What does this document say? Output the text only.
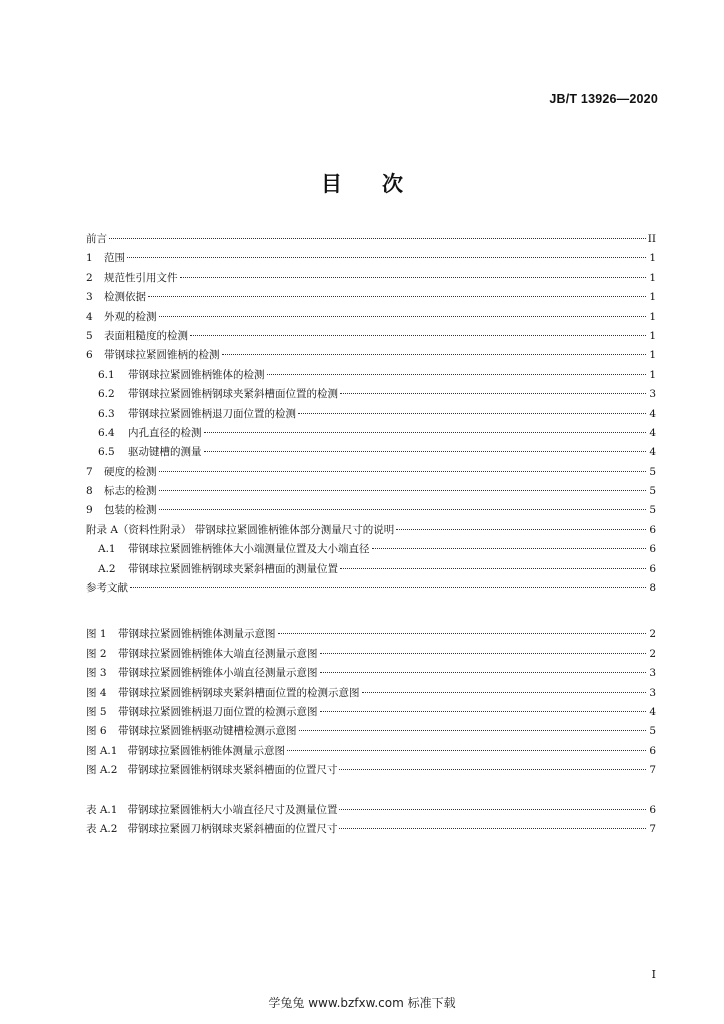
JB/T 13926—2020
目 次
前言	II
1	范围	1
2	规范性引用文件	1
3	检测依据	1
4	外观的检测	1
5	表面粗糙度的检测	1
6	带钢球拉紧圆锥柄的检测	1
6.1	带钢球拉紧圆锥柄锥体的检测	1
6.2	带钢球拉紧圆锥柄钢球夹紧斜槽面位置的检测	3
6.3	带钢球拉紧圆锥柄退刀面位置的检测	4
6.4	内孔直径的检测	4
6.5	驱动键槽的测量	4
7	硬度的检测	5
8	标志的检测	5
9	包装的检测	5
附录 A（资料性附录） 带钢球拉紧圆锥柄锥体部分测量尺寸的说明	6
A.1	带钢球拉紧圆锥柄锥体大小端测量位置及大小端直径	6
A.2	带钢球拉紧圆锥柄钢球夹紧斜槽面的测量位置	6
参考文献	8
图 1 带钢球拉紧圆锥柄锥体测量示意图	2
图 2 带钢球拉紧圆锥柄锥体大端直径测量示意图	2
图 3 带钢球拉紧圆锥柄锥体小端直径测量示意图	3
图 4 带钢球拉紧圆锥柄钢球夹紧斜槽面位置的检测示意图	3
图 5 带钢球拉紧圆锥柄退刀面位置的检测示意图	4
图 6 带钢球拉紧圆锥柄驱动键槽检测示意图	5
图 A.1 带钢球拉紧圆锥柄锥体测量示意图	6
图 A.2 带钢球拉紧圆锥柄钢球夹紧斜槽面的位置尺寸	7
表 A.1 带钢球拉紧圆锥柄大小端直径尺寸及测量位置	6
表 A.2 带钢球拉紧圆刀柄钢球夹紧斜槽面的位置尺寸	7
I
学兔兔 www.bzfxw.com 标准下载
